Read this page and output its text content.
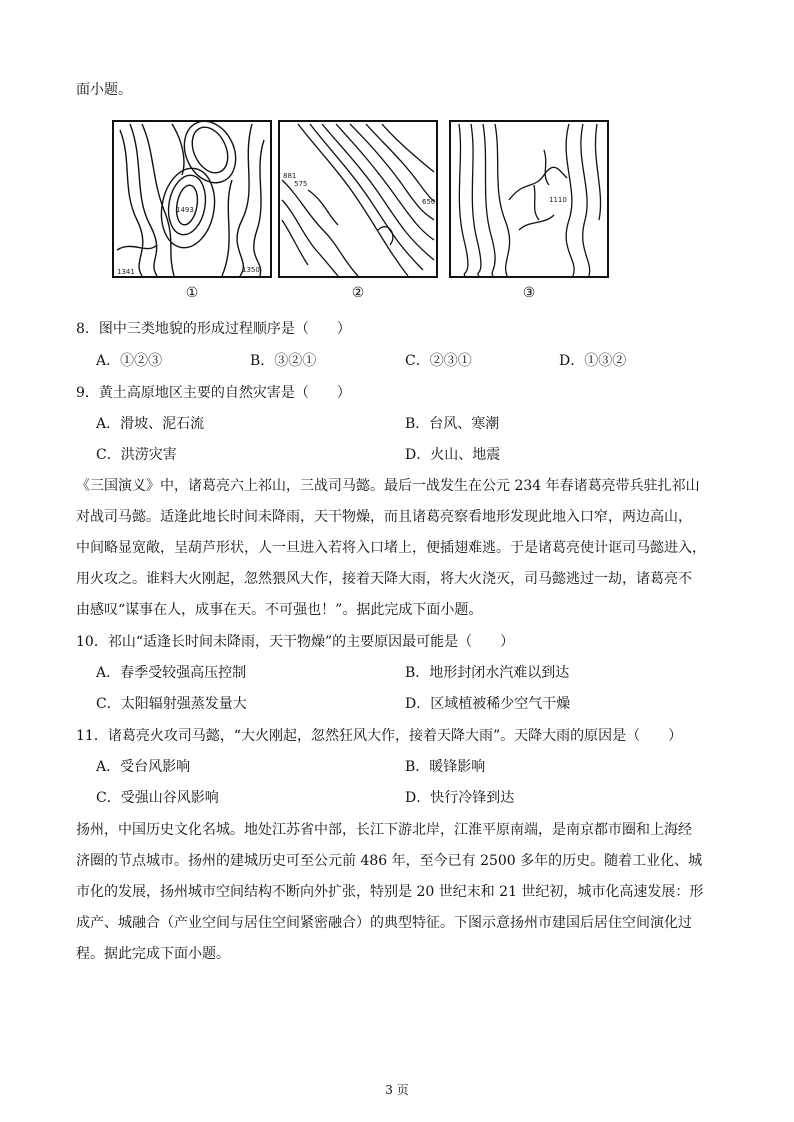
面小题。
1493
1341	1350
881
575
650	1110
①	②	③
8．图中三类地貌的形成过程顺序是（　　）
A．①②③	B．③②①	C．②③①	D．①③②
9．黄土高原地区主要的自然灾害是（　　）
A．滑坡、泥石流	B．台风、寒潮
C．洪涝灾害	D．火山、地震
《三国演义》中，诸葛亮六上祁山，三战司马懿。最后一战发生在公元 234 年春诸葛亮带兵驻扎祁山
对战司马懿。适逢此地长时间未降雨，天干物燥，而且诸葛亮察看地形发现此地入口窄，两边高山，
中间略显宽敞，呈葫芦形状，人一旦进入若将入口堵上，便插翅难逃。于是诸葛亮使计诓司马懿进入，
用火攻之。谁料大火刚起，忽然猥风大作，接着天降大雨，将大火浇灭，司马懿逃过一劫，诸葛亮不
由感叹“谋事在人，成事在天。不可强也！”。据此完成下面小题。
10．祁山“适逢长时间未降雨，天干物燥”的主要原因最可能是（　　）
A．春季受较强高压控制	B．地形封闭水汽难以到达
C．太阳辐射强蒸发量大	D．区域植被稀少空气干燥
11．诸葛亮火攻司马懿，“大火刚起，忽然狂风大作，接着天降大雨”。天降大雨的原因是（　　）
A．受台风影响	B．暖锋影响
C．受强山谷风影响	D．快行冷锋到达
扬州，中国历史文化名城。地处江苏省中部，长江下游北岸，江淮平原南端，是南京都市圈和上海经
济圈的节点城市。扬州的建城历史可至公元前 486 年，至今已有 2500 多年的历史。随着工业化、城
市化的发展，扬州城市空间结构不断向外扩张，特别是 20 世纪末和 21 世纪初，城市化高速发展：形
成产、城融合（产业空间与居住空间紧密融合）的典型特征。下图示意扬州市建国后居住空间演化过
程。据此完成下面小题。
3 页
